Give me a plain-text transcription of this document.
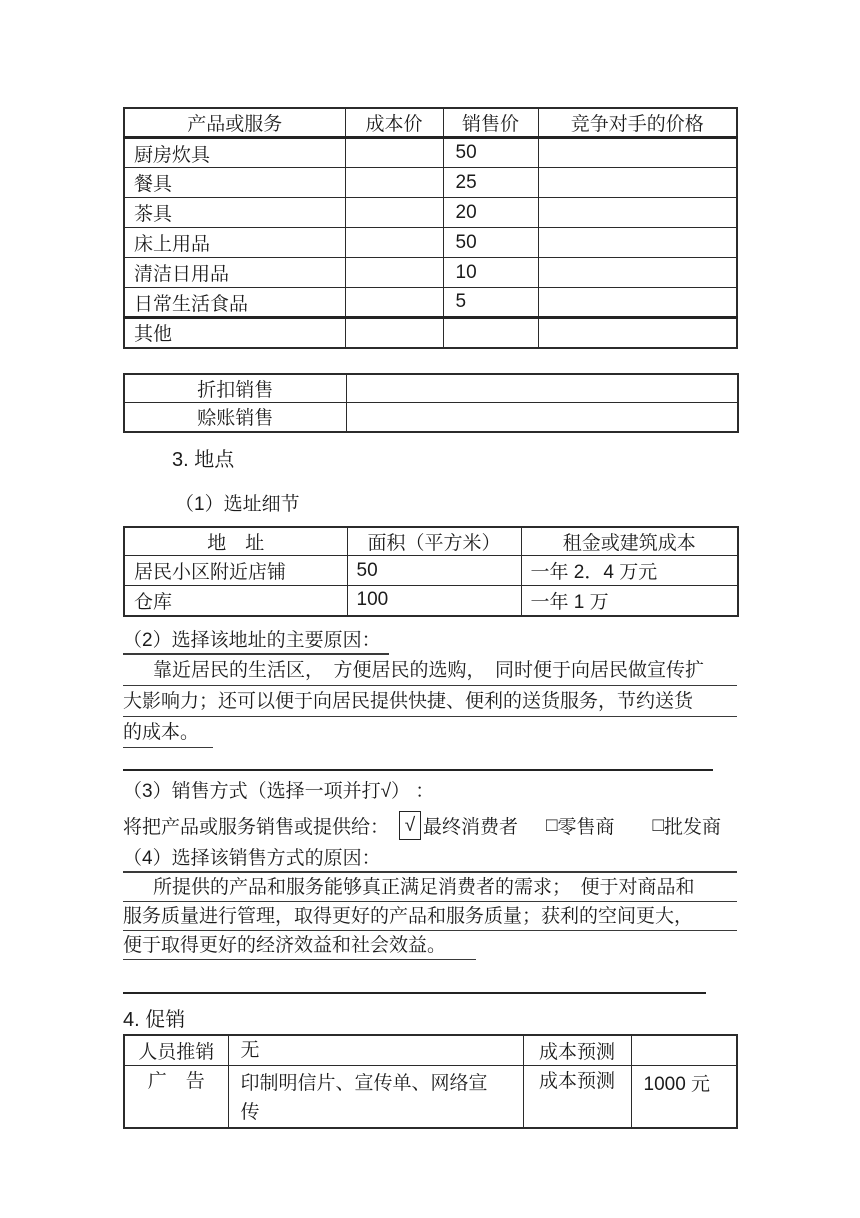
产品或服务	成本价	销售价	竞争对手的价格
厨房炊具		50	
餐具		25	
茶具		20	
床上用品		50	
清洁日用品		10	
日常生活食品		5	
其他			
折扣销售	
赊账销售	
3. 地点
（1）选址细节
地　址	面积（平方米）	租金或建筑成本
居民小区附近店铺	50	一年 2．4 万元
仓库	100	一年 1 万
（2）选择该地址的主要原因：
靠近居民的生活区，　方便居民的选购，　同时便于向居民做宣传扩
大影响力；还可以便于向居民提供快捷、便利的送货服务，节约送货
的成本。
（3）销售方式（选择一项并打√） ：
将把产品或服务销售或提供给： √ 最终消费者 □ 零售商 □ 批发商
（4）选择该销售方式的原因：
所提供的产品和服务能够真正满足消费者的需求；　便于对商品和
服务质量进行管理，取得更好的产品和服务质量；获利的空间更大，
便于取得更好的经济效益和社会效益。
4. 促销
人员推销	无	成本预测	
广　告	印制明信片、宣传单、网络宣传	成本预测	1000 元
